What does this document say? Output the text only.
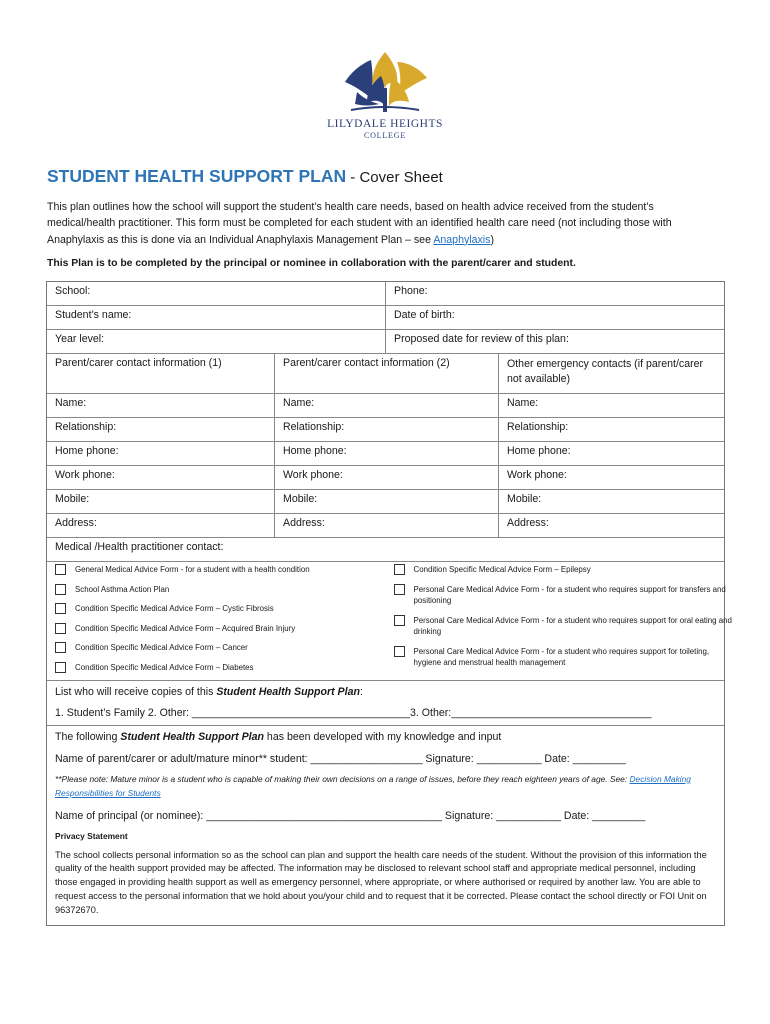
LILYDALE HEIGHTS
COLLEGE
STUDENT HEALTH SUPPORT PLAN - Cover Sheet
This plan outlines how the school will support the student’s health care needs, based on health advice received from the student’s medical/health practitioner. This form must be completed for each student with an identified health care need (not including those with Anaphylaxis as this is done via an Individual Anaphylaxis Management Plan – see Anaphylaxis)
This Plan is to be completed by the principal or nominee in collaboration with the parent/carer and student.
School:	Phone:
Student’s name:	Date of birth:
Year level:	Proposed date for review of this plan:
Parent/carer contact information (1)	Parent/carer contact information (2)	Other emergency contacts (if parent/carer not available)
Name:	Name:	Name:
Relationship:	Relationship:	Relationship:
Home phone:	Home phone:	Home phone:
Work phone:	Work phone:	Work phone:
Mobile:	Mobile:	Mobile:
Address:	Address:	Address:
Medical /Health practitioner contact:
General Medical Advice Form - for a student with a health condition
School Asthma Action Plan
Condition Specific Medical Advice Form – Cystic Fibrosis
Condition Specific Medical Advice Form – Acquired Brain Injury
Condition Specific Medical Advice Form – Cancer
Condition Specific Medical Advice Form – Diabetes
Condition Specific Medical Advice Form – Epilepsy
Personal Care Medical Advice Form - for a student who requires support for transfers and positioning
Personal Care Medical Advice Form - for a student who requires support for oral eating and drinking
Personal Care Medical Advice Form - for a student who requires support for toileting, hygiene and menstrual health management
List who will receive copies of this Student Health Support Plan:
1. Student’s Family 2. Other: _____________________________________3. Other:__________________________________
The following Student Health Support Plan has been developed with my knowledge and input
Name of parent/carer or adult/mature minor** student: ___________________ Signature: ___________ Date: _________
**Please note: Mature minor is a student who is capable of making their own decisions on a range of issues, before they reach eighteen years of age. See: Decision Making Responsibilities for Students
Name of principal (or nominee): ________________________________________ Signature: ___________ Date: _________
Privacy Statement
The school collects personal information so as the school can plan and support the health care needs of the student. Without the provision of this information the quality of the health support provided may be affected. The information may be disclosed to relevant school staff and appropriate medical personnel, including those engaged in providing health support as well as emergency personnel, where appropriate, or where authorised or required by another law. You are able to request access to the personal information that we hold about you/your child and to request that it be corrected. Please contact the school directly or FOI Unit on 96372670.
